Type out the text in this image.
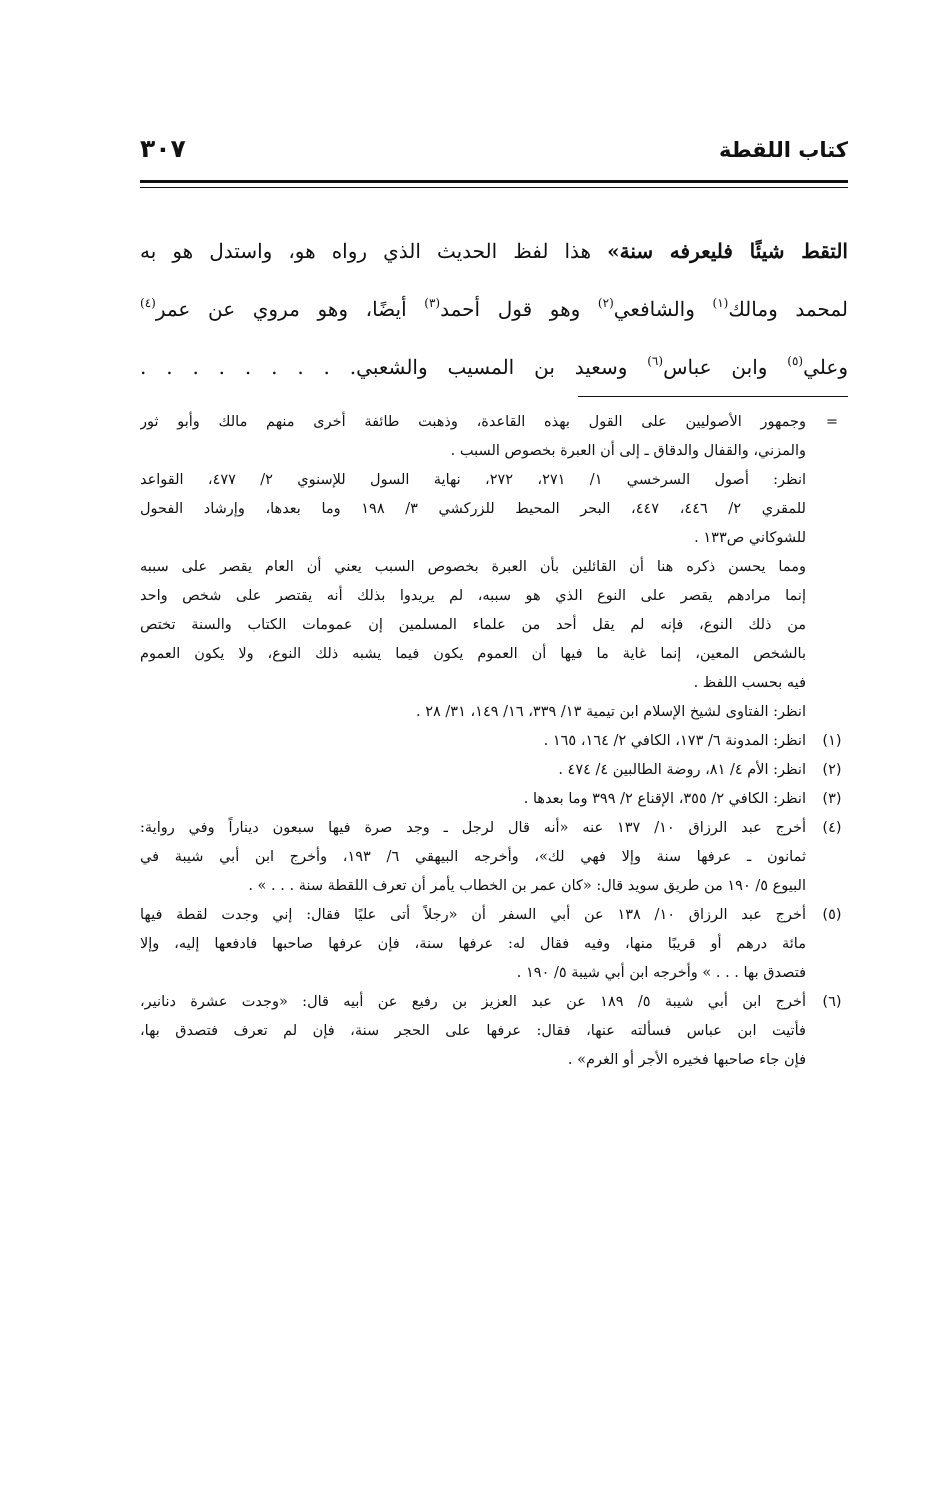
كتاب اللقطة
٣٠٧
التقط شيئًا فليعرفه سنة» هذا لفظ الحديث الذي رواه هو، واستدل هو به
لمحمد ومالك$^{(١)}$ والشافعي$^{(٢)}$ وهو قول أحمد$^{(٣)}$ أيضًا، وهو مروي عن عمر$^{(٤)}$
وعلي$^{(٥)}$ وابن عباس$^{(٦)}$ وسعيد بن المسيب والشعبي. . . . . . . . .
=
وجمهور الأصوليين على القول بهذه القاعدة، وذهبت طائفة أخرى منهم مالك وأبو ثور
والمزني، والقفال والدقاق ـ إلى أن العبرة بخصوص السبب .
انظر: أصول السرخسي ١/ ٢٧١، ٢٧٢، نهاية السول للإسنوي ٢/ ٤٧٧، القواعد
للمقري ٢/ ٤٤٦، ٤٤٧، البحر المحيط للزركشي ٣/ ١٩٨ وما بعدها، وإرشاد الفحول
للشوكاني ص١٣٣ .
ومما يحسن ذكره هنا أن القائلين بأن العبرة بخصوص السبب يعني أن العام يقصر على سببه
إنما مرادهم يقصر على النوع الذي هو سببه، لم يريدوا بذلك أنه يقتصر على شخص واحد
من ذلك النوع، فإنه لم يقل أحد من علماء المسلمين إن عمومات الكتاب والسنة تختص
بالشخص المعين، إنما غاية ما فيها أن العموم يكون فيما يشبه ذلك النوع، ولا يكون العموم
فيه بحسب اللفظ .
انظر: الفتاوى لشيخ الإسلام ابن تيمية ١٣/ ٣٣٩، ١٦/ ١٤٩، ٣١/ ٢٨ .
(١)
انظر: المدونة ٦/ ١٧٣، الكافي ٢/ ١٦٤، ١٦٥ .
(٢)
انظر: الأم ٤/ ٨١، روضة الطالبين ٤/ ٤٧٤ .
(٣)
انظر: الكافي ٢/ ٣٥٥، الإقناع ٢/ ٣٩٩ وما بعدها .
(٤)
أخرج عبد الرزاق ١٠/ ١٣٧ عنه «أنه قال لرجل ـ وجد صرة فيها سبعون ديناراً وفي رواية:
ثمانون ـ عرفها سنة وإلا فهي لك»، وأخرجه البيهقي ٦/ ١٩٣، وأخرج ابن أبي شيبة في
البيوع ٥/ ١٩٠ من طريق سويد قال: «كان عمر بن الخطاب يأمر أن تعرف اللقطة سنة . . . » .
(٥)
أخرج عبد الرزاق ١٠/ ١٣٨ عن أبي السفر أن «رجلاً أتى عليًا فقال: إني وجدت لقطة فيها
مائة درهم أو قريبًا منها، وفيه فقال له: عرفها سنة، فإن عرفها صاحبها فادفعها إليه، وإلا
فتصدق بها . . . » وأخرجه ابن أبي شيبة ٥/ ١٩٠ .
(٦)
أخرج ابن أبي شيبة ٥/ ١٨٩ عن عبد العزيز بن رفيع عن أبيه قال: «وجدت عشرة دنانير،
فأتيت ابن عباس فسألته عنها، فقال: عرفها على الحجر سنة، فإن لم تعرف فتصدق بها،
فإن جاء صاحبها فخيره الأجر أو الغرم» .
